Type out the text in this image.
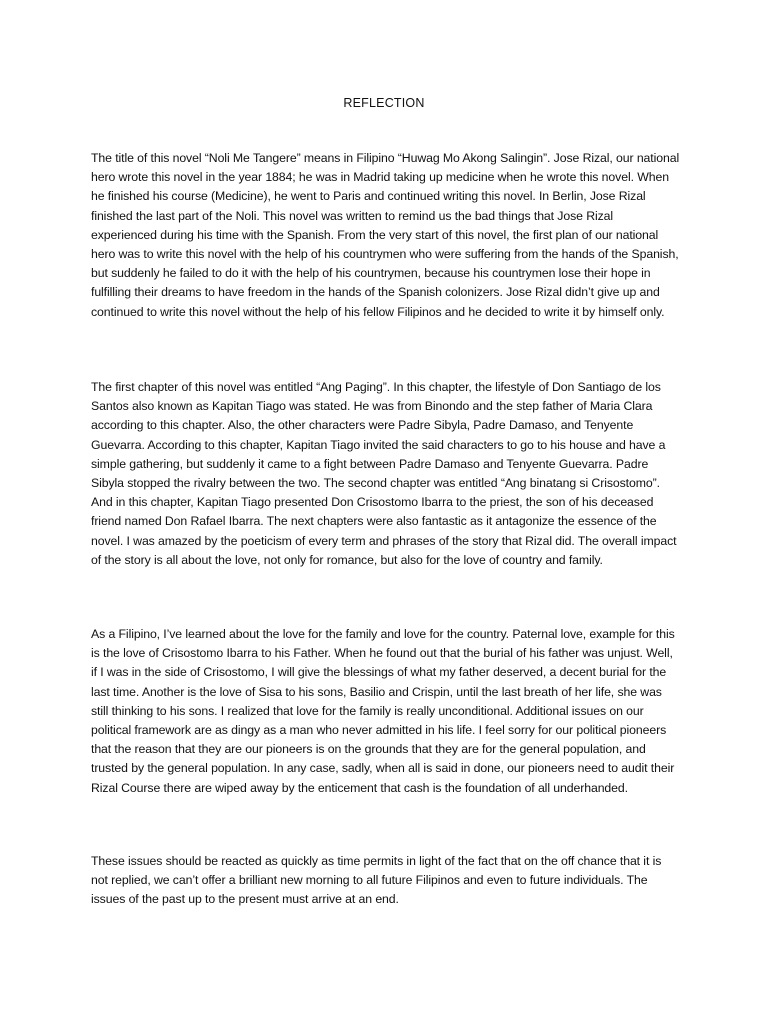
REFLECTION

The title of this novel “Noli Me Tangere” means in Filipino “Huwag Mo Akong Salingin”. Jose Rizal, our national hero wrote this novel in the year 1884; he was in Madrid taking up medicine when he wrote this novel. When he finished his course (Medicine), he went to Paris and continued writing this novel. In Berlin, Jose Rizal finished the last part of the Noli. This novel was written to remind us the bad things that Jose Rizal experienced during his time with the Spanish. From the very start of this novel, the first plan of our national hero was to write this novel with the help of his countrymen who were suffering from the hands of the Spanish, but suddenly he failed to do it with the help of his countrymen, because his countrymen lose their hope in fulfilling their dreams to have freedom in the hands of the Spanish colonizers. Jose Rizal didn’t give up and continued to write this novel without the help of his fellow Filipinos and he decided to write it by himself only.

The first chapter of this novel was entitled “Ang Paging”. In this chapter, the lifestyle of Don Santiago de los Santos also known as Kapitan Tiago was stated. He was from Binondo and the step father of Maria Clara according to this chapter. Also, the other characters were Padre Sibyla, Padre Damaso, and Tenyente Guevarra. According to this chapter, Kapitan Tiago invited the said characters to go to his house and have a simple gathering, but suddenly it came to a fight between Padre Damaso and Tenyente Guevarra. Padre Sibyla stopped the rivalry between the two. The second chapter was entitled “Ang binatang si Crisostomo”. And in this chapter, Kapitan Tiago presented Don Crisostomo Ibarra to the priest, the son of his deceased friend named Don Rafael Ibarra. The next chapters were also fantastic as it antagonize the essence of the novel. I was amazed by the poeticism of every term and phrases of the story that Rizal did. The overall impact of the story is all about the love, not only for romance, but also for the love of country and family.

As a Filipino, I’ve learned about the love for the family and love for the country. Paternal love, example for this is the love of Crisostomo Ibarra to his Father. When he found out that the burial of his father was unjust. Well, if I was in the side of Crisostomo, I will give the blessings of what my father deserved, a decent burial for the last time. Another is the love of Sisa to his sons, Basilio and Crispin, until the last breath of her life, she was still thinking to his sons. I realized that love for the family is really unconditional. Additional issues on our political framework are as dingy as a man who never admitted in his life. I feel sorry for our political pioneers that the reason that they are our pioneers is on the grounds that they are for the general population, and trusted by the general population. In any case, sadly, when all is said in done, our pioneers need to audit their Rizal Course there are wiped away by the enticement that cash is the foundation of all underhanded.

These issues should be reacted as quickly as time permits in light of the fact that on the off chance that it is not replied, we can’t offer a brilliant new morning to all future Filipinos and even to future individuals. The issues of the past up to the present must arrive at an end.
